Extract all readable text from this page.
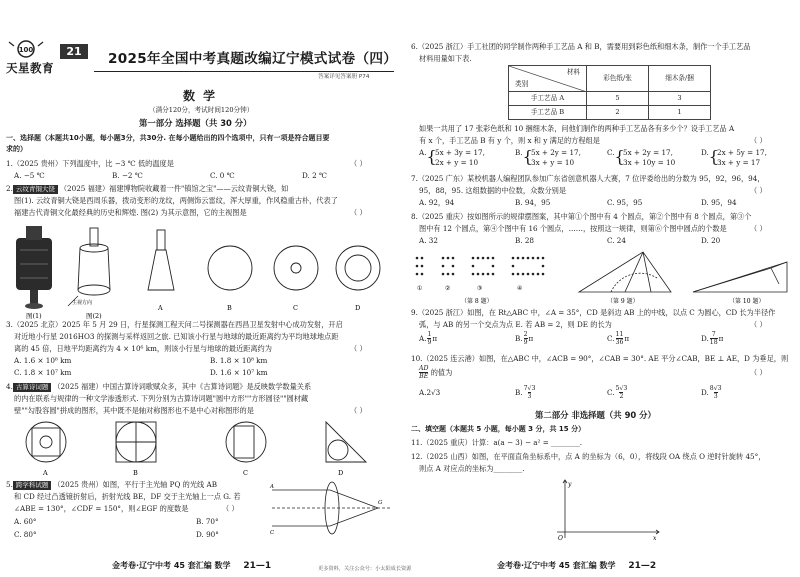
100	21
天星教育
2025年全国中考真题改编辽宁模式试卷（四）
答案详见答案册 P74
数 学
（满分120分，考试时间120分钟）
第一部分 选择题（共 30 分）
一、选择题（本题共10小题，每小题3分，共30分. 在每小题给出的四个选项中，只有一项是符合题目要
求的）
1.（2025 贵州）下列温度中，比 −3 ℃ 低的温度是	（ ）
A. −5 ℃	B. −2 ℃	C. 0 ℃	D. 2 ℃
2. 云纹青铜大铙 （2025 福建）福建博物院收藏着一件"镇馆之宝"——云纹青铜大铙，如
图(1). 云纹青铜大铙是西周乐器，拨动变形的龙纹，两侧饰云雷纹，浑大厚重，作风稳重古朴，代表了
福建古代青铜文化最经典的历史和辉煌. 图(2) 为其示意图，它的主视图是	（ ）
主视方向
图(1)	图(2)
A	B	C	D
3.（2025 北京）2025 年 5 月 29 日，行星探测工程天问二号探测器在西昌卫星发射中心成功发射，开启
对近地小行星 2016HO3 的探测与采样返回之旅. 已知该小行星与地球的最近距离约为平均地球地点距
离的 45 倍，日地平均距离约为 4 × 10⁶ km，则该小行星与地球的最近距离约为	（ ）
A. 1.6 × 10⁸ km	B. 1.8 × 10⁸ km
C. 1.8 × 10⁷ km	D. 1.6 × 10⁷ km
4. 古算诗词题 （2025 福建）中国古算诗词歌赋众多，其中《古算诗词题》是反映数学数量关系
的内在联系与规律的一种文学渗透形式. 下列分别为古算诗词题"圆中方形""方形圆径""圆材藏
壁""勾股容圆"拼成的图形，其中既不是轴对称图形也不是中心对称图形的是	（ ）
A	B	C	D
5. 跨学科试题 （2025 贵州）如图，平行于主光轴 PQ 的光线 AB
和 CD 经过凸透镜折射后，折射光线 BE，DF 交于主光轴上一点 G. 若
∠ABE = 130°，∠CDF = 150°，则∠EGF 的度数是	（ ）
A. 60°	B. 70°
C. 80°	D. 90°
A
C
G
金考卷·辽宁中考 45 套汇编 数学 21—1
6.（2025 浙江）手工社团的同学制作两种手工艺品 A 和 B，需要用到彩色纸和细木条，制作一个手工艺品
材料用量如下表.
材料
类别	彩色纸/张	细木条/捆
手工艺品 A	5	3
手工艺品 B	2	1
如果一共用了 17 张彩色纸和 10 捆细木条，问他们制作的两种手工艺品各有多少个？设手工艺品 A
有 x 个，手工艺品 B 有 y 个，则 x 和 y 满足的方程组是	（ ）
A.{
5x + 3y = 17,
2x + y = 10
B.{
5x + 2y = 17,
3x + y = 10
C.{
5x + 2y = 17,
3x + 10y = 10
D.{
2x + 5y = 17,
3x + y = 17
7.（2025 广东）某校机器人编程团队参加广东省创意机器人大赛，7 位评委给出的分数为 95，92，96，94，
95，88，95. 这组数据的中位数，众数分别是	（ ）
A. 92，94	B. 94，95	C. 95，95	D. 95，94
8.（2025 重庆）按如图所示的规律摆图案，其中第①个图中有 4 个圆点，第②个图中有 8 个圆点，第③个
图中有 12 个圆点，第④个图中有 16 个圆点，……，按照这一规律，则第⑥个图中圆点的个数是	（ ）
A. 32	B. 28	C. 24	D. 20
①	②	③	④
（第 8 题）	（第 9 题）	（第 10 题）
9.（2025 浙江）如图，在 Rt△ABC 中，∠A = 35°，CD 是斜边 AB 上的中线，以点 C 为圆心，CD 长为半径作
弧，与 AB 的另一个交点为点 E. 若 AB = 2，则 DE 的长为	（ ）
A. $\frac{1}{9}$ π	B. $\frac{2}{9}$ π	C. $\frac{11}{36}$ π	D. $\frac{7}{18}$ π
10.（2025 连云港）如图，在△ABC 中，∠ACB = 90°，∠CAB = 30°. AE 平分∠CAB，BE ⊥ AE，D 为垂足，则
$\frac{AD}{BE}$ 的值为	（ ）
A.2√3	B. $\frac{7√3}{3}$	C. $\frac{5√3}{2}$	D. $\frac{8√3}{3}$
第二部分 非选择题（共 90 分）
二、填空题（本题共 5 小题，每小题 3 分，共 15 分）
11.（2025 重庆）计算：a(a − 3) − a² = ________.
12.（2025 山西）如图，在平面直角坐标系中，点 A 的坐标为（6，0），将线段 OA 绕点 O 逆时针旋转 45°，
则点 A 对应点的坐标为________.
y
O	x
金考卷·辽宁中考 45 套汇编 数学 21—2
更多资料，关注公众号：小太阳成长资源
